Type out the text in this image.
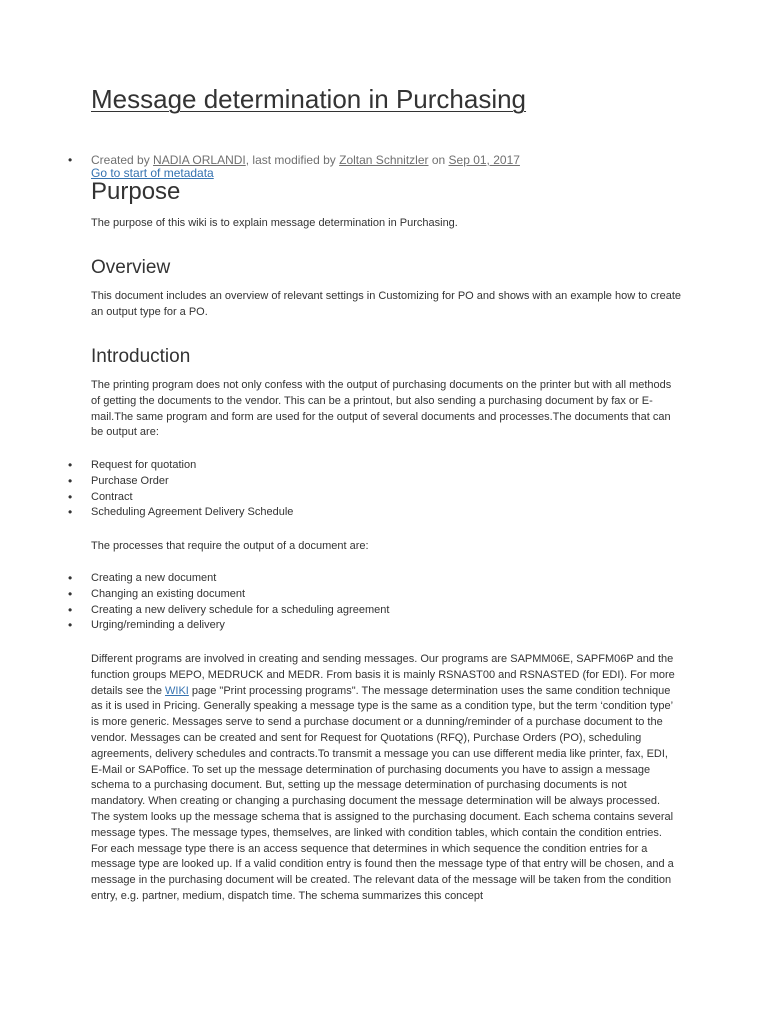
Message determination in Purchasing
• Created by NADIA ORLANDI, last modified by Zoltan Schnitzler on Sep 01, 2017
Go to start of metadata
Purpose

The purpose of this wiki is to explain message determination in Purchasing.

Overview

This document includes an overview of relevant settings in Customizing for PO and shows with an example how to create an output type for a PO.

Introduction

The printing program does not only confess with the output of purchasing documents on the printer but with all methods of getting the documents to the vendor. This can be a printout, but also sending a purchasing document by fax or E-mail.The same program and form are used for the output of several documents and processes.The documents that can be output are:

• Request for quotation
• Purchase Order
• Contract
• Scheduling Agreement Delivery Schedule

The processes that require the output of a document are:

• Creating a new document
• Changing an existing document
• Creating a new delivery schedule for a scheduling agreement
• Urging/reminding a delivery

Different programs are involved in creating and sending messages. Our programs are SAPMM06E, SAPFM06P and the function groups MEPO, MEDRUCK and MEDR. From basis it is mainly RSNAST00 and RSNASTED (for EDI). For more details see the WIKI page "Print processing programs". The message determination uses the same condition technique as it is used in Pricing. Generally speaking a message type is the same as a condition type, but the term ‘condition type’ is more generic. Messages serve to send a purchase document or a dunning/reminder of a purchase document to the vendor. Messages can be created and sent for Request for Quotations (RFQ), Purchase Orders (PO), scheduling agreements, delivery schedules and contracts.To transmit a message you can use different media like printer, fax, EDI, E-Mail or SAPoffice. To set up the message determination of purchasing documents you have to assign a message schema to a purchasing document. But, setting up the message determination of purchasing documents is not mandatory. When creating or changing a purchasing document the message determination will be always processed. The system looks up the message schema that is assigned to the purchasing document. Each schema contains several message types. The message types, themselves, are linked with condition tables, which contain the condition entries. For each message type there is an access sequence that determines in which sequence the condition entries for a message type are looked up. If a valid condition entry is found then the message type of that entry will be chosen, and a message in the purchasing document will be created. The relevant data of the message will be taken from the condition entry, e.g. partner, medium, dispatch time. The schema summarizes this concept
